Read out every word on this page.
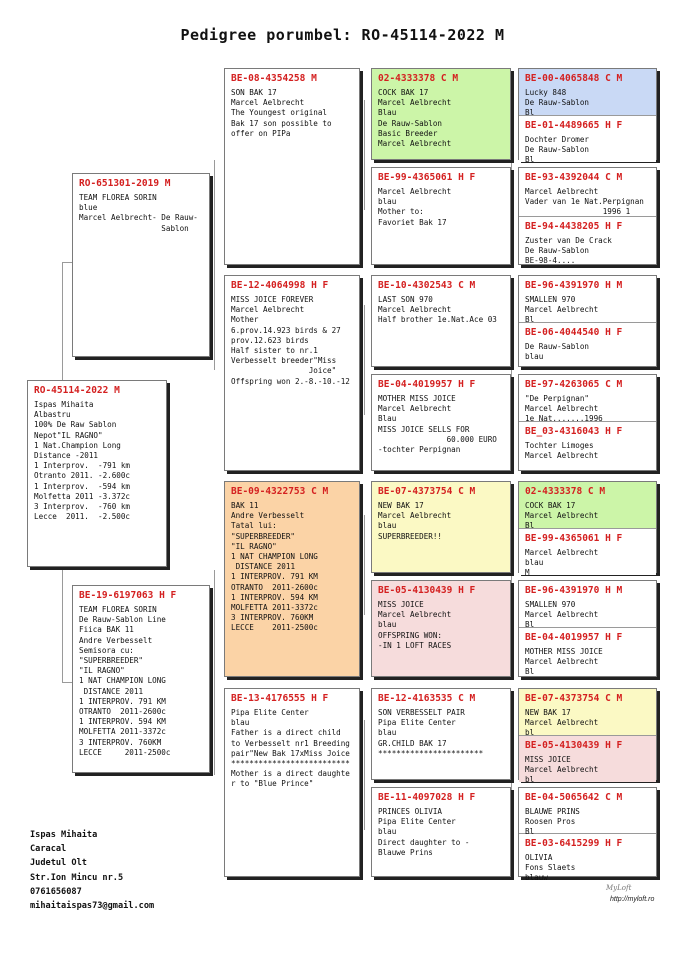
Pedigree porumbel: RO-45114-2022 M
RO-45114-2022 M
Ispas Mihaita
Albastru
100% De Raw Sablon
Nepot"IL RAGNO"
1 Nat.Champion Long
Distance -2011
1 Interprov.  -791 km
Otranto 2011. -2.600c
1 Interprov.  -594 km
Molfetta 2011 -3.372c
3 Interprov.  -760 km
Lecce  2011.  -2.500c
RO-651301-2019 M
TEAM FLOREA SORIN
blue
Marcel Aelbrecht- De Rauw-
Sablon
BE-19-6197063 H F
TEAM FLOREA SORIN
De Rauw-Sablon Line
Fiica BAK 11
Andre Verbesselt
Semisora cu:
"SUPERBREEDER"
"IL RAGNO"
1 NAT CHAMPION LONG
DISTANCE 2011
1 INTERPROV. 791 KM
OTRANTO  2011-2600c
1 INTERPROV. 594 KM
MOLFETTA 2011-3372c
3 INTERPROV. 760KM
LECCE     2011-2500c
BE-08-4354258 M
SON BAK 17
Marcel Aelbrecht
The Youngest original
Bak 17 son possible to
offer on PIPa
BE-12-4064998 H F
MISS JOICE FOREVER
Marcel Aelbrecht
Mother
6.prov.14.923 birds & 27
prov.12.623 birds
Half sister to nr.1
Verbesselt breeder"Miss
Joice"
Offspring won 2.-8.-10.-12
BE-09-4322753 C M
BAK 11
Andre Verbesselt
Tatal lui:
"SUPERBREEDER"
"IL RAGNO"
1 NAT CHAMPION LONG
DISTANCE 2011
1 INTERPROV. 791 KM
OTRANTO  2011-2600c
1 INTERPROV. 594 KM
MOLFETTA 2011-3372c
3 INTERPROV. 760KM
LECCE    2011-2500c
BE-13-4176555 H F
Pipa Elite Center
blau
Father is a direct child
to Verbesselt nr1 Breeding
pair"New Bak 17xMiss Joice
**************************
Mother is a direct daughte
r to "Blue Prince"
02-4333378 C M
COCK BAK 17
Marcel Aelbrecht
Blau
De Rauw-Sablon
Basic Breeder
Marcel Aelbrecht
BE-99-4365061 H F
Marcel Aelbrecht
blau
Mother to:
Favoriet Bak 17
BE-10-4302543 C M
LAST SON 970
Marcel Aelbrecht
Half brother 1e.Nat.Ace 03
BE-04-4019957 H F
MOTHER MISS JOICE
Marcel Aelbrecht
Blau
MISS JOICE SELLS FOR
60.000 EURO
-tochter Perpignan
BE-07-4373754 C M
NEW BAK 17
Marcel Aelbrecht
blau
SUPERBREEDER!!
BE-05-4130439 H F
MISS JOICE
Marcel Aelbrecht
blau
OFFSPRING WON:
-IN 1 LOFT RACES
BE-12-4163535 C M
SON VERBESSELT PAIR
Pipa Elite Center
blau
GR.CHILD BAK 17
***********************
BE-11-4097028 H F
PRINCES OLIVIA
Pipa Elite Center
blau
Direct daughter to -
Blauwe Prins
BE-00-4065848 C M
Lucky 848
De Rauw-Sablon
Bl
BE-01-4489665 H F
Dochter Dromer
De Rauw-Sablon
Bl
BE-93-4392044 C M
Marcel Aelbrecht
Vader van 1e Nat.Perpignan
1996 1
BE-94-4438205 H F
Zuster van De Crack
De Rauw-Sablon
BE-98-4....
BE-96-4391970 H M
SMALLEN 970
Marcel Aelbrecht
Bl
BE-06-4044540 H F
De Rauw-Sablon
blau
BE-97-4263065 C M
"De Perpignan"
Marcel Aelbrecht
1e Nat.......1996
BE_03-4316043 H F
Tochter Limoges
Marcel Aelbrecht
02-4333378 C M
COCK BAK 17
Marcel Aelbrecht
Bl
BE-99-4365061 H F
Marcel Aelbrecht
blau
M
BE-96-4391970 H M
SMALLEN 970
Marcel Aelbrecht
Bl
BE-04-4019957 H F
MOTHER MISS JOICE
Marcel Aelbrecht
Bl
BE-07-4373754 C M
NEW BAK 17
Marcel Aelbrecht
bl
BE-05-4130439 H F
MISS JOICE
Marcel Aelbrecht
bl
BE-04-5065642 C M
BLAUWE PRINS
Roosen Pros
Bl
BE-03-6415299 H F
OLIVIA
Fons Slaets
blauw
Ispas Mihaita
Caracal
Judetul Olt
Str.Ion Mincu nr.5
0761656087
mihaitaispas73@gmail.com
MyLoft
http://myloft.ro
